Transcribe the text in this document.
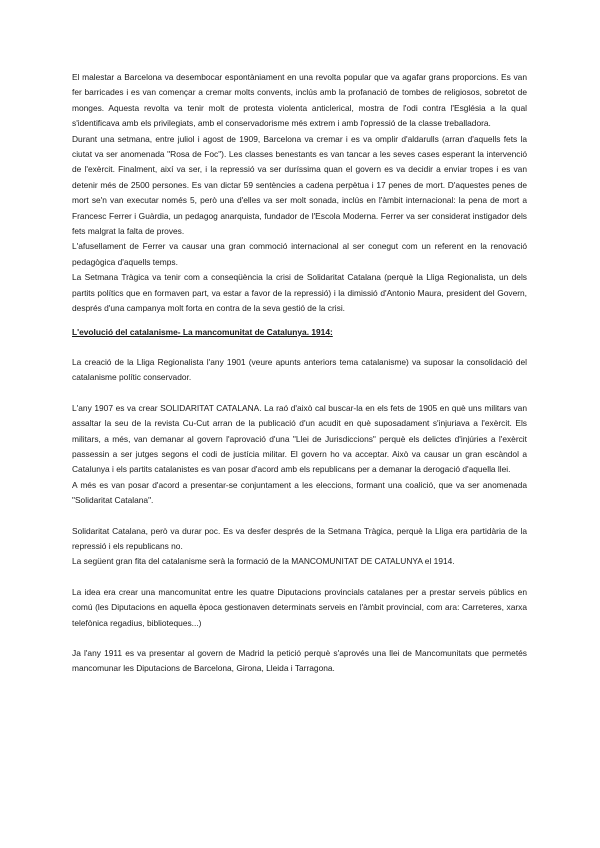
El malestar a Barcelona va desembocar espontàniament en una revolta popular que va agafar grans proporcions. Es van fer barricades i es van començar a cremar molts convents, inclús amb la profanació de tombes de religiosos, sobretot de monges. Aquesta revolta va tenir molt de protesta violenta anticlerical, mostra de l'odi contra l'Església a la qual s'identificava amb els privilegiats, amb el conservadorisme més extrem i amb l'opressió de la classe treballadora.

Durant una setmana, entre juliol i agost de 1909, Barcelona va cremar i es va omplir d'aldarulls (arran d'aquells fets la ciutat va ser anomenada "Rosa de Foc"). Les classes benestants es van tancar a les seves cases esperant la intervenció de l'exèrcit. Finalment, així va ser, i la repressió va ser duríssima quan el govern es va decidir a enviar tropes i es van detenir més de 2500 persones. Es van dictar 59 sentències a cadena perpètua i 17 penes de mort. D'aquestes penes de mort se'n van executar només 5, però una d'elles va ser molt sonada, inclús en l'àmbit internacional: la pena de mort a Francesc Ferrer i Guàrdia, un pedagog anarquista, fundador de l'Escola Moderna. Ferrer va ser considerat instigador dels fets malgrat la falta de proves.

L'afusellament de Ferrer va causar una gran commoció internacional al ser conegut com un referent en la renovació pedagògica d'aquells temps.

La Setmana Tràgica va tenir com a conseqüència la crisi de Solidaritat Catalana (perquè la Lliga Regionalista, un dels partits polítics que en formaven part, va estar a favor de la repressió) i la dimissió d'Antonio Maura, president del Govern, després d'una campanya molt forta en contra de la seva gestió de la crisi.

L'evolució del catalanisme- La mancomunitat de Catalunya. 1914:

La creació de la Lliga Regionalista l'any 1901 (veure apunts anteriors tema catalanisme) va suposar la consolidació del catalanisme polític conservador.

L'any 1907 es va crear SOLIDARITAT CATALANA. La raó d'això cal buscar-la en els fets de 1905 en què uns militars van assaltar la seu de la revista Cu-Cut arran de la publicació d'un acudit en què suposadament s'injuriava a l'exèrcit. Els militars, a més, van demanar al govern l'aprovació d'una "Llei de Jurisdiccions" perquè els delictes d'injúries a l'exèrcit passessin a ser jutges segons el codi de justícia militar. El govern ho va acceptar. Això va causar un gran escàndol a Catalunya i els partits catalanistes es van posar d'acord amb els republicans per a demanar la derogació d'aquella llei.

A més es van posar d'acord a presentar-se conjuntament a les eleccions, formant una coalició, que va ser anomenada "Solidaritat Catalana".

Solidaritat Catalana, però va durar poc. Es va desfer després de la Setmana Tràgica, perquè la Lliga era partidària de la repressió i els republicans no.

La següent gran fita del catalanisme serà la formació de la MANCOMUNITAT DE CATALUNYA el 1914.

La idea era crear una mancomunitat entre les quatre Diputacions provincials catalanes per a prestar serveis públics en comú (les Diputacions en aquella època gestionaven determinats serveis en l'àmbit provincial, com ara: Carreteres, xarxa telefònica regadius, biblioteques...)

Ja l'any 1911 es va presentar al govern de Madrid la petició perquè s'aprovés una llei de Mancomunitats que permetés mancomunar les Diputacions de Barcelona, Girona, Lleida i Tarragona.
